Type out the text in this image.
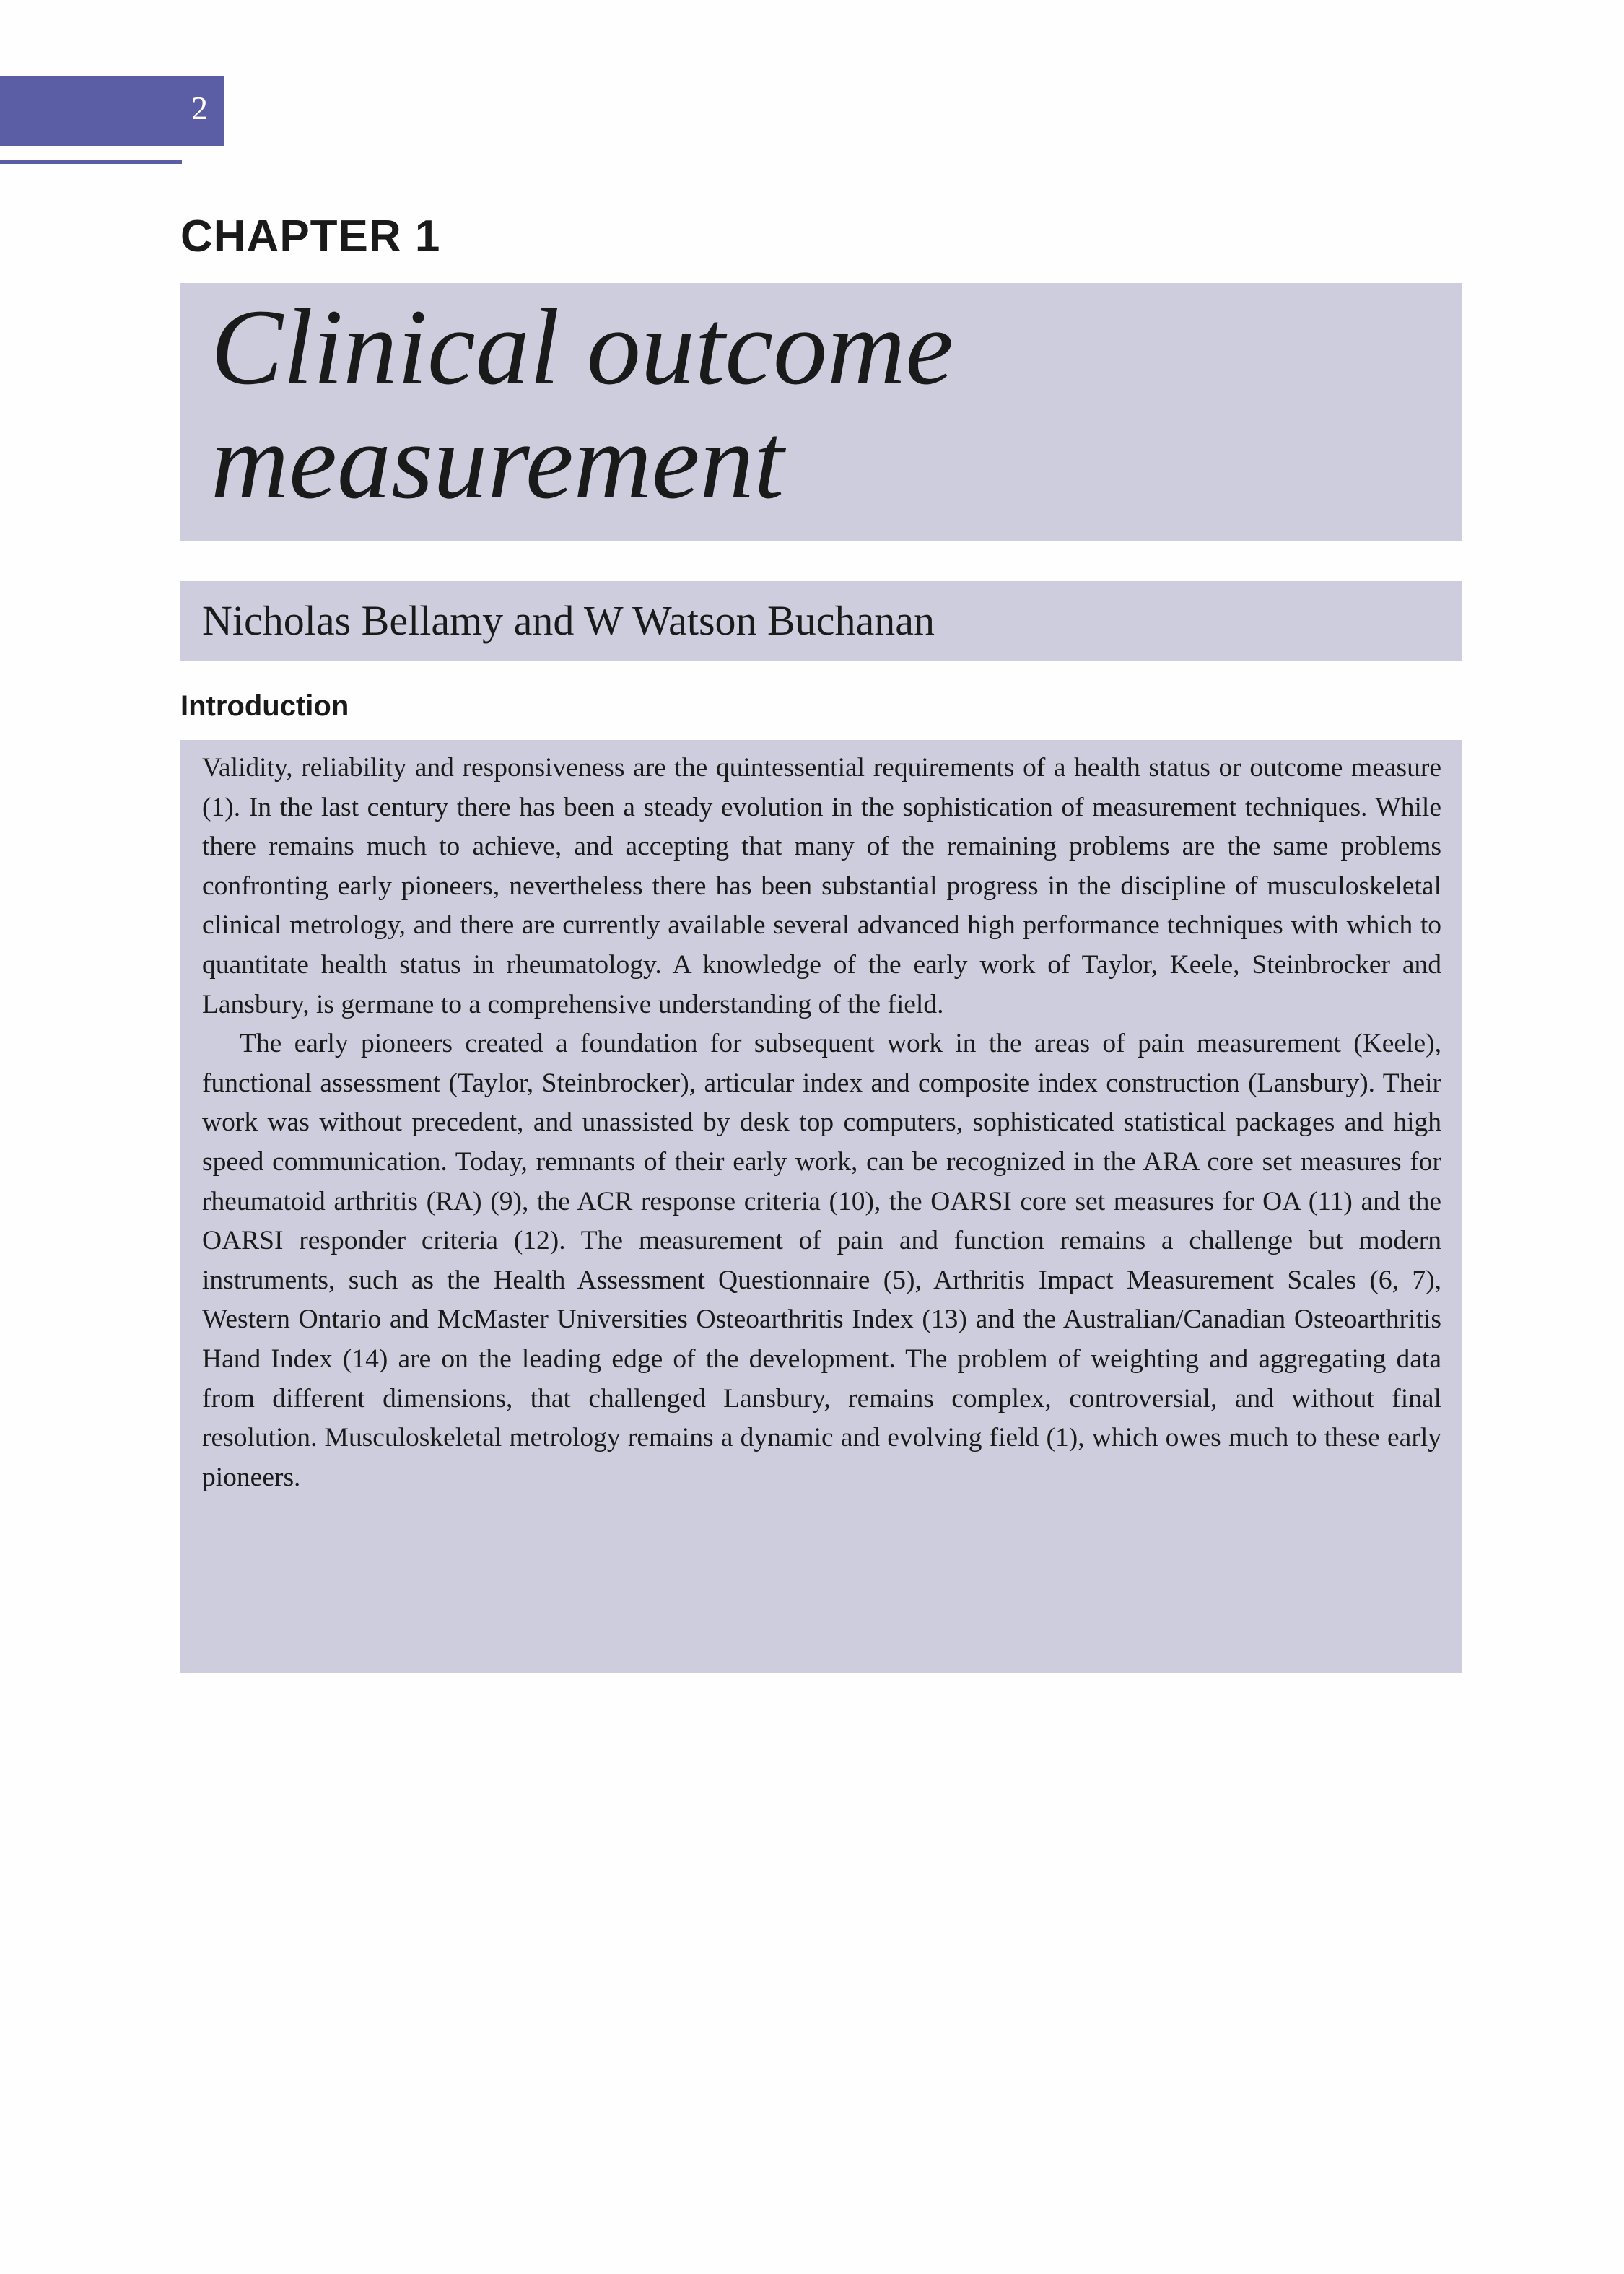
2
CHAPTER 1
Clinical outcome
measurement
Nicholas Bellamy and W Watson Buchanan
Introduction

Validity, reliability and responsiveness are the quintessential requirements of a health status or outcome measure (1). In the last century there has been a steady evolution in the sophistication of measurement techniques. While there remains much to achieve, and accepting that many of the remaining problems are the same problems confronting early pioneers, nevertheless there has been substantial progress in the discipline of musculoskeletal clinical metrology, and there are currently available several advanced high performance techniques with which to quantitate health status in rheumatology. A knowledge of the early work of Taylor, Keele, Steinbrocker and Lansbury, is germane to a comprehensive understanding of the field.

The early pioneers created a foundation for subsequent work in the areas of pain measurement (Keele), functional assessment (Taylor, Steinbrocker), articular index and composite index construction (Lansbury). Their work was without precedent, and unassisted by desk top computers, sophisticated statistical packages and high speed communication. Today, remnants of their early work, can be recognized in the ARA core set measures for rheumatoid arthritis (RA) (9), the ACR response criteria (10), the OARSI core set measures for OA (11) and the OARSI responder criteria (12). The measurement of pain and function remains a challenge but modern instruments, such as the Health Assessment Questionnaire (5), Arthritis Impact Measurement Scales (6, 7), Western Ontario and McMaster Universities Osteoarthritis Index (13) and the Australian/Canadian Osteoarthritis Hand Index (14) are on the leading edge of the development. The problem of weighting and aggregating data from different dimensions, that challenged Lansbury, remains complex, controversial, and without final resolution. Musculoskeletal metrology remains a dynamic and evolving field (1), which owes much to these early pioneers.
